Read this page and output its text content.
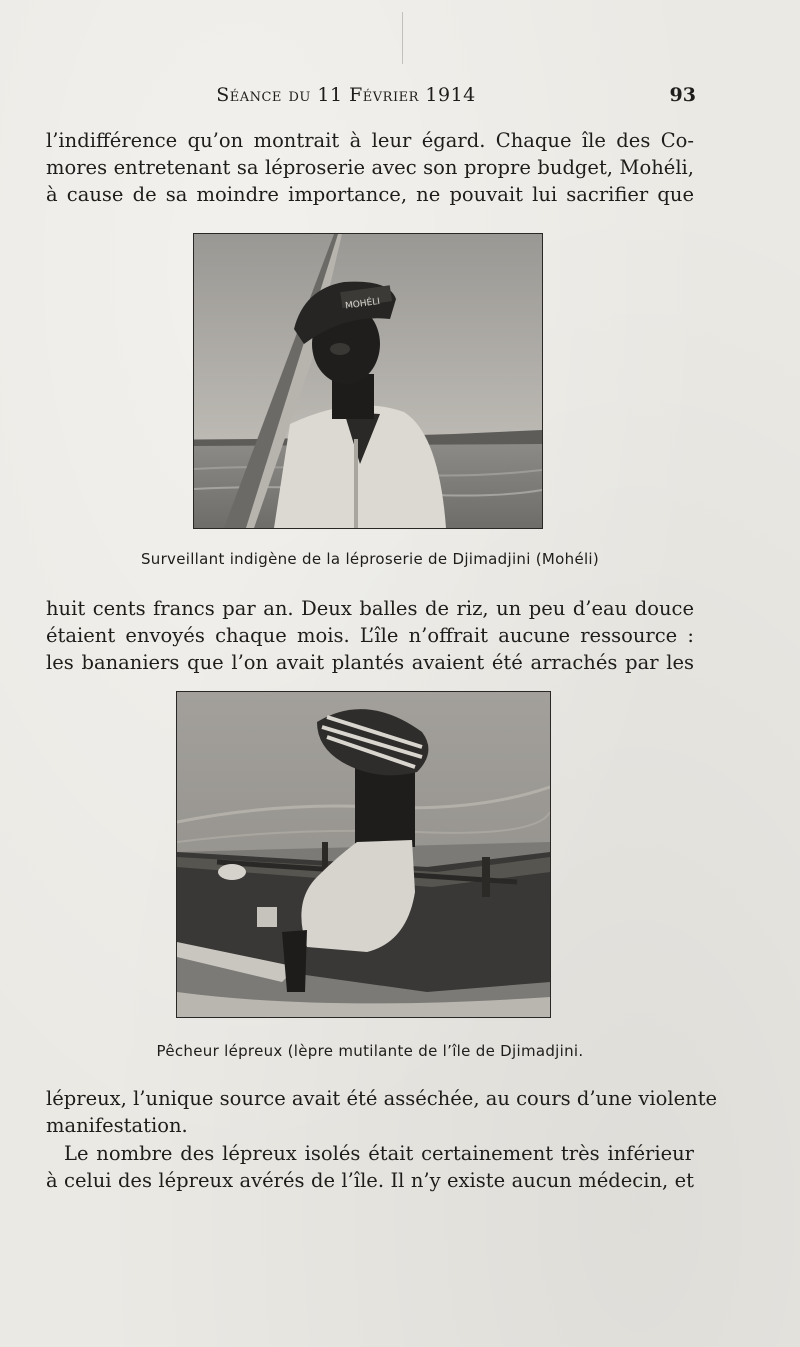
Séance du 11 Février 1914	93
l’indifférence qu’on montrait à leur égard. Chaque île des Co-
mores entretenant sa léproserie avec son propre budget, Mohéli,
à cause de sa moindre importance, ne pouvait lui sacrifier que
MOHÉLI
Surveillant indigène de la léproserie de Djimadjini (Mohéli)
huit cents francs par an. Deux balles de riz, un peu d’eau douce
étaient envoyés chaque mois. L’île n’offrait aucune ressource :
les bananiers que l’on avait plantés avaient été arrachés par les
Pêcheur lépreux (lèpre mutilante de l’île de Djimadjini.
lépreux, l’unique source avait été asséchée, au cours d’une violente
manifestation.
Le nombre des lépreux isolés était certainement très inférieur
à celui des lépreux avérés de l’île. Il n’y existe aucun médecin, et
